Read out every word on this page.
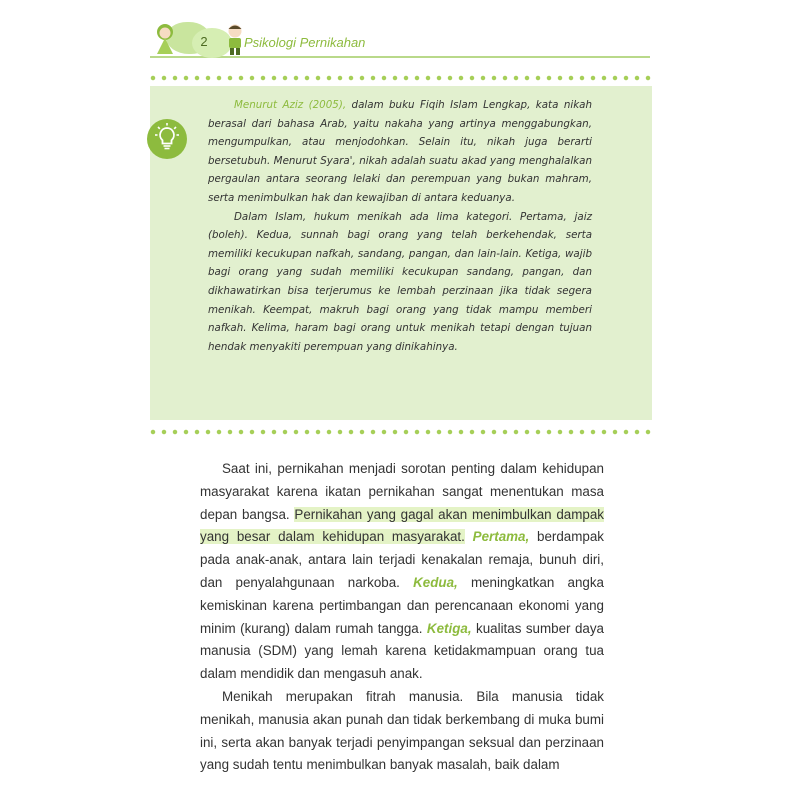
2	Psikologi Pernikahan

Menurut Aziz (2005), dalam buku Fiqih Islam Lengkap, kata nikah berasal dari bahasa Arab, yaitu nakaha yang artinya menggabungkan, mengumpulkan, atau menjodohkan. Selain itu, nikah juga berarti bersetubuh. Menurut Syara', nikah adalah suatu akad yang menghalalkan pergaulan antara seorang lelaki dan perempuan yang bukan mahram, serta menimbulkan hak dan kewajiban di antara keduanya.

Dalam Islam, hukum menikah ada lima kategori. Pertama, jaiz (boleh). Kedua, sunnah bagi orang yang telah berkehendak, serta memiliki kecukupan nafkah, sandang, pangan, dan lain-lain. Ketiga, wajib bagi orang yang sudah memiliki kecukupan sandang, pangan, dan dikhawatirkan bisa terjerumus ke lembah perzinaan jika tidak segera menikah. Keempat, makruh bagi orang yang tidak mampu memberi nafkah. Kelima, haram bagi orang untuk menikah tetapi dengan tujuan hendak menyakiti perempuan yang dinikahinya.

Saat ini, pernikahan menjadi sorotan penting dalam kehidupan masyarakat karena ikatan pernikahan sangat menentukan masa depan bangsa. Pernikahan yang gagal akan menimbulkan dampak yang besar dalam kehidupan masyarakat. Pertama, berdampak pada anak-anak, antara lain terjadi kenakalan remaja, bunuh diri, dan penyalahgunaan narkoba. Kedua, meningkatkan angka kemiskinan karena pertimbangan dan perencanaan ekonomi yang minim (kurang) dalam rumah tangga. Ketiga, kualitas sumber daya manusia (SDM) yang lemah karena ketidakmampuan orang tua dalam mendidik dan mengasuh anak.

Menikah merupakan fitrah manusia. Bila manusia tidak menikah, manusia akan punah dan tidak berkembang di muka bumi ini, serta akan banyak terjadi penyimpangan seksual dan perzinaan yang sudah tentu menimbulkan banyak masalah, baik dalam
